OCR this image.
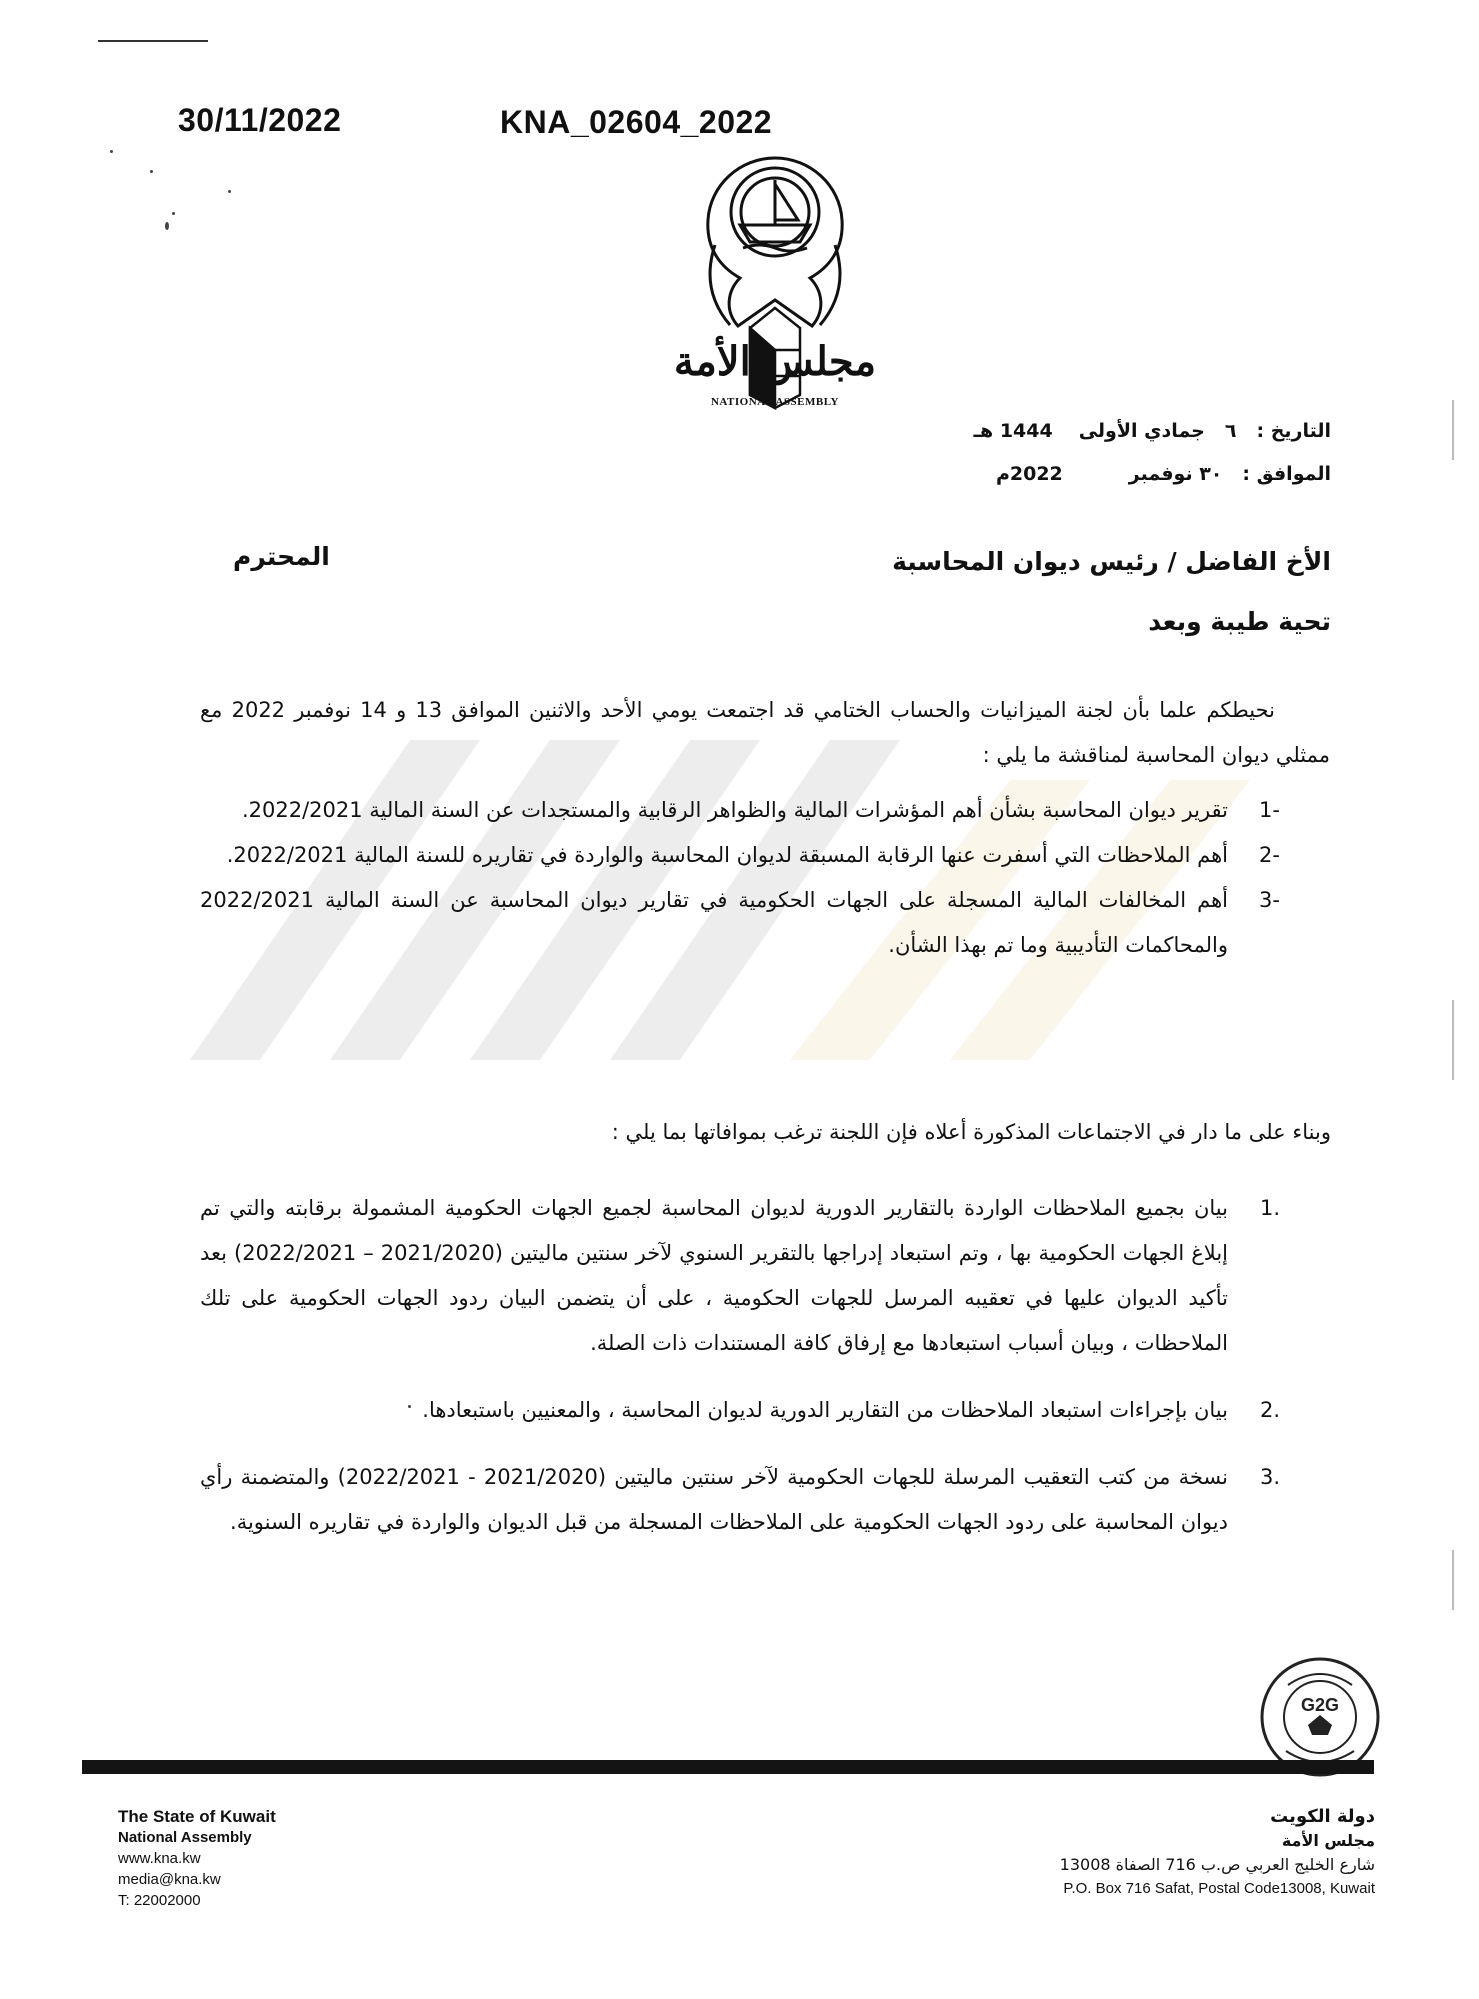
30/11/2022	KNA_02604_2022
مجلس الأمة
NATIONAL ASSEMBLY
التاريخ :
٦
جمادي الأولى
1444 هـ
الموافق :
٣٠ نوفمبر
2022م
الأخ الفاضل / رئيس ديوان المحاسبة
المحترم
تحية طيبة وبعد
نحيطكم علما بأن لجنة الميزانيات والحساب الختامي قد اجتمعت يومي الأحد والاثنين الموافق 13 و 14 نوفمبر 2022 مع ممثلي ديوان المحاسبة لمناقشة ما يلي :
-1
تقرير ديوان المحاسبة بشأن أهم المؤشرات المالية والظواهر الرقابية والمستجدات عن السنة المالية 2022/2021.
-2
أهم الملاحظات التي أسفرت عنها الرقابة المسبقة لديوان المحاسبة والواردة في تقاريره للسنة المالية 2022/2021.
-3
أهم المخالفات المالية المسجلة على الجهات الحكومية في تقارير ديوان المحاسبة عن السنة المالية 2022/2021 والمحاكمات التأديبية وما تم بهذا الشأن.
وبناء على ما دار في الاجتماعات المذكورة أعلاه فإن اللجنة ترغب بموافاتها بما يلي :
.1
بيان بجميع الملاحظات الواردة بالتقارير الدورية لديوان المحاسبة لجميع الجهات الحكومية المشمولة برقابته والتي تم إبلاغ الجهات الحكومية بها ، وتم استبعاد إدراجها بالتقرير السنوي لآخر سنتين ماليتين (2021/2020 – 2022/2021) بعد تأكيد الديوان عليها في تعقيبه المرسل للجهات الحكومية ، على أن يتضمن البيان ردود الجهات الحكومية على تلك الملاحظات ، وبيان أسباب استبعادها مع إرفاق كافة المستندات ذات الصلة.
.2
بيان بإجراءات استبعاد الملاحظات من التقارير الدورية لديوان المحاسبة ، والمعنيين باستبعادها.
.3
نسخة من كتب التعقيب المرسلة للجهات الحكومية لآخر سنتين ماليتين (2021/2020 - 2022/2021) والمتضمنة رأي ديوان المحاسبة على ردود الجهات الحكومية على الملاحظات المسجلة من قبل الديوان والواردة في تقاريره السنوية.
G2G
The State of Kuwait
National Assembly
www.kna.kw
media@kna.kw
T: 22002000
دولة الكويت
مجلس الأمة
شارع الخليج العربي ص.ب 716 الصفاة 13008
P.O. Box 716 Safat, Postal Code13008, Kuwait
